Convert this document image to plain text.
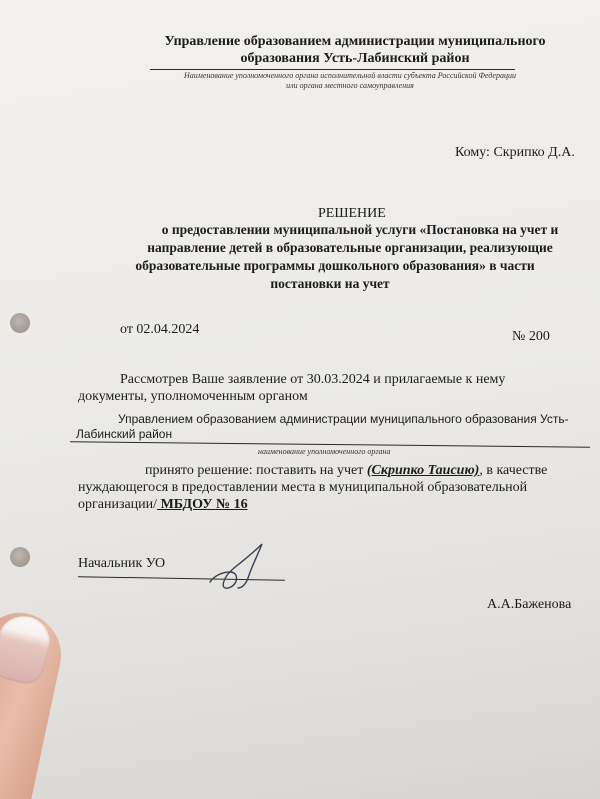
Управление образованием администрации муниципального
образования Усть-Лабинский район
Наименование уполномоченного органа исполнительной власти субъекта Российской Федерации
или органа местного самоуправления
Кому: Скрипко Д.А.
РЕШЕНИЕ
о предоставлении муниципальной услуги «Постановка на учет и
направление детей в образовательные организации, реализующие
образовательные программы дошкольного образования» в части
постановки на учет
от 02.04.2024	№ 200
Рассмотрев Ваше заявление от 30.03.2024 и прилагаемые к нему
документы, уполномоченным органом
Управлением образованием администрации муниципального образования Усть-
Лабинский район
наименование уполномоченного органа
принято решение: поставить на учет (Скрипко Таисию), в качестве
нуждающегося в предоставлении места в муниципальной образовательной
организации/ МБДОУ № 16
Начальник УО
А.А.Баженова
